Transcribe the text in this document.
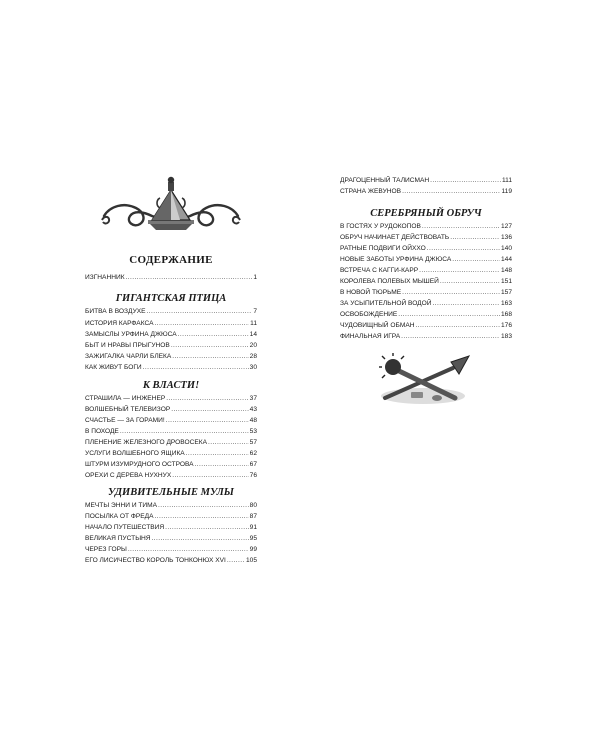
СОДЕРЖАНИЕ
ИЗГНАННИК .....	1
ГИГАНТСКАЯ ПТИЦА
БИТВА В ВОЗДУХЕ .....	7
ИСТОРИЯ КАРФАКСА .....	11
ЗАМЫСЛЫ УРФИНА ДЖЮСА .....	14
БЫТ И НРАВЫ ПРЫГУНОВ .....	20
ЗАЖИГАЛКА ЧАРЛИ БЛЕКА .....	28
КАК ЖИВУТ БОГИ .....	30
К ВЛАСТИ!
СТРАШИЛА — ИНЖЕНЕР .....	37
ВОЛШЕБНЫЙ ТЕЛЕВИЗОР .....	43
СЧАСТЬЕ — ЗА ГОРАМИ! .....	48
В ПОХОДЕ .....	53
ПЛЕНЕНИЕ ЖЕЛЕЗНОГО ДРОВОСЕКА .....	57
УСЛУГИ ВОЛШЕБНОГО ЯЩИКА .....	62
ШТУРМ ИЗУМРУДНОГО ОСТРОВА .....	67
ОРЕХИ С ДЕРЕВА НУХНУХ .....	76
УДИВИТЕЛЬНЫЕ МУЛЫ
МЕЧТЫ ЭННИ И ТИМА .....	80
ПОСЫЛКА ОТ ФРЕДА .....	87
НАЧАЛО ПУТЕШЕСТВИЯ .....	91
ВЕЛИКАЯ ПУСТЫНЯ .....	95
ЧЕРЕЗ ГОРЫ .....	99
ЕГО ЛИСИЧЕСТВО КОРОЛЬ ТОНКОНЮХ XVI .....	105
ДРАГОЦЕННЫЙ ТАЛИСМАН .....	111
СТРАНА ЖЕВУНОВ .....	119
СЕРЕБРЯНЫЙ ОБРУЧ
В ГОСТЯХ У РУДОКОПОВ .....	127
ОБРУЧ НАЧИНАЕТ ДЕЙСТВОВАТЬ .....	136
РАТНЫЕ ПОДВИГИ ОЙХХО .....	140
НОВЫЕ ЗАБОТЫ УРФИНА ДЖЮСА .....	144
ВСТРЕЧА С КАГГИ-КАРР .....	148
КОРОЛЕВА ПОЛЕВЫХ МЫШЕЙ .....	151
В НОВОЙ ТЮРЬМЕ .....	157
ЗА УСЫПИТЕЛЬНОЙ ВОДОЙ .....	163
ОСВОБОЖДЕНИЕ .....	168
ЧУДОВИЩНЫЙ ОБМАН .....	176
ФИНАЛЬНАЯ ИГРА .....	183
